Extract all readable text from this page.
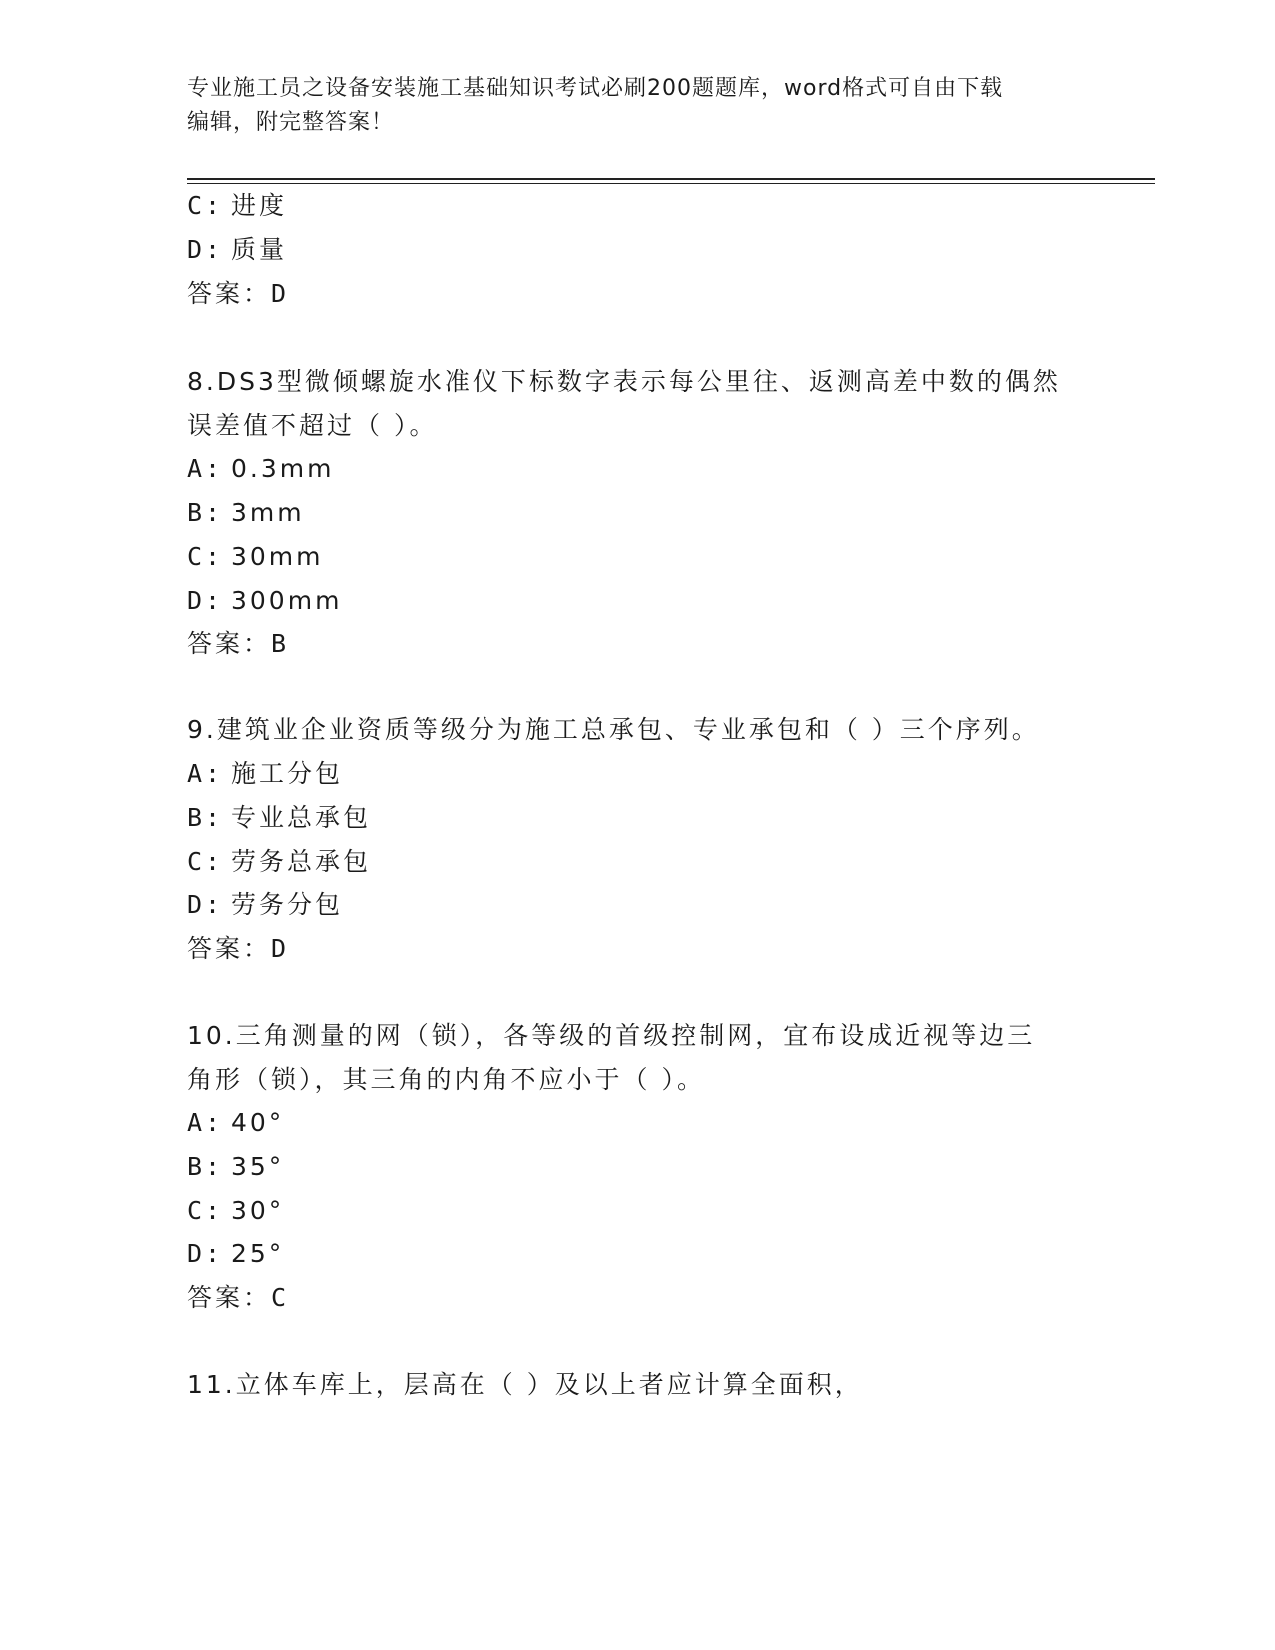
专业施工员之设备安装施工基础知识考试必刷200题题库，word格式可自由下载
编辑，附完整答案！
C: 进度
D: 质量
答案：D
8.DS3型微倾螺旋水准仪下标数字表示每公里往、返测高差中数的偶然
误差值不超过（ ）。
A: 0.3mm
B: 3mm
C: 30mm
D: 300mm
答案：B
9.建筑业企业资质等级分为施工总承包、专业承包和（ ）三个序列。
A: 施工分包
B: 专业总承包
C: 劳务总承包
D: 劳务分包
答案：D
10.三角测量的网（锁），各等级的首级控制网，宜布设成近视等边三
角形（锁），其三角的内角不应小于（ ）。
A: 40°
B: 35°
C: 30°
D: 25°
答案：C
11.立体车库上，层高在（ ）及以上者应计算全面积，
